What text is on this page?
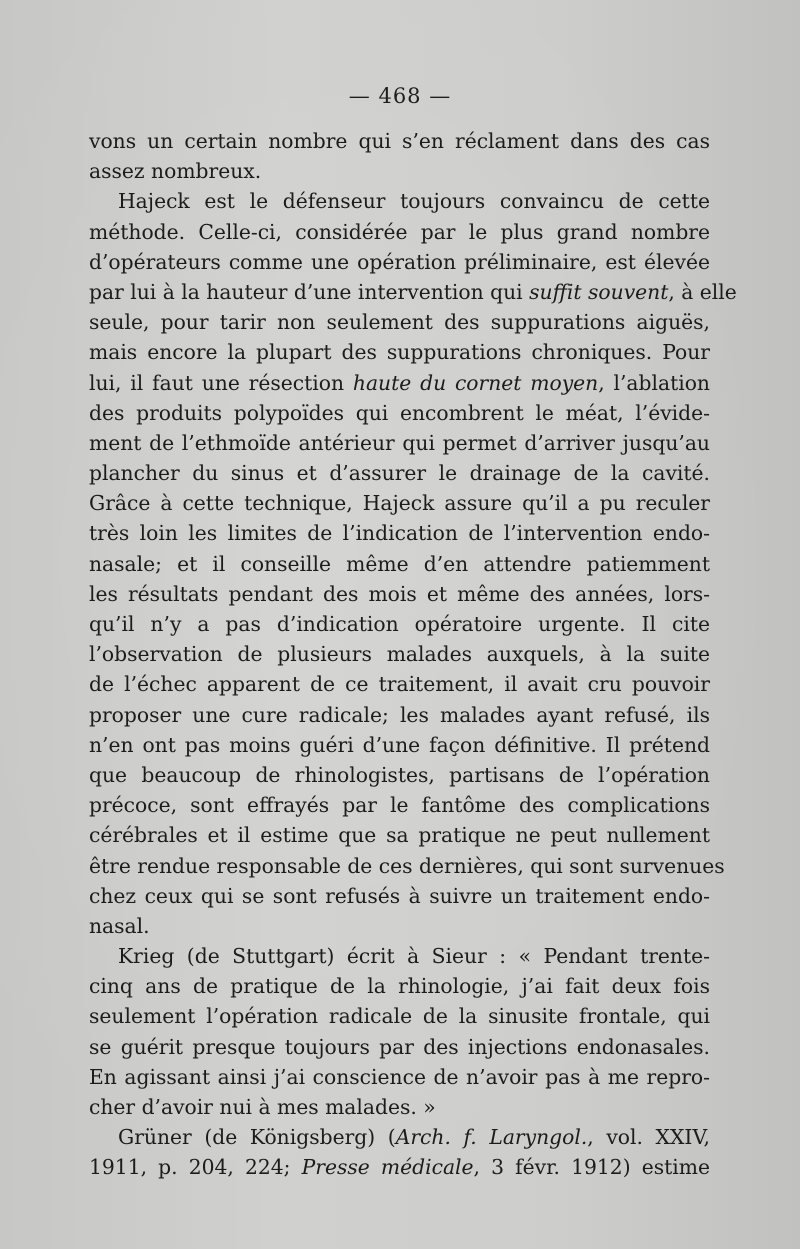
— 468 —
vons un certain nombre qui s’en réclament dans des cas
assez nombreux.
Hajeck est le défenseur toujours convaincu de cette
méthode. Celle-ci, considérée par le plus grand nombre
d’opérateurs comme une opération préliminaire, est élevée
par lui à la hauteur d’une intervention qui suffit souvent, à elle
seule, pour tarir non seulement des suppurations aiguës,
mais encore la plupart des suppurations chroniques. Pour
lui, il faut une résection haute du cornet moyen, l’ablation
des produits polypoïdes qui encombrent le méat, l’évide-
ment de l’ethmoïde antérieur qui permet d’arriver jusqu’au
plancher du sinus et d’assurer le drainage de la cavité.
Grâce à cette technique, Hajeck assure qu’il a pu reculer
très loin les limites de l’indication de l’intervention endo-
nasale; et il conseille même d’en attendre patiemment
les résultats pendant des mois et même des années, lors-
qu’il n’y a pas d’indication opératoire urgente. Il cite
l’observation de plusieurs malades auxquels, à la suite
de l’échec apparent de ce traitement, il avait cru pouvoir
proposer une cure radicale; les malades ayant refusé, ils
n’en ont pas moins guéri d’une façon définitive. Il prétend
que beaucoup de rhinologistes, partisans de l’opération
précoce, sont effrayés par le fantôme des complications
cérébrales et il estime que sa pratique ne peut nullement
être rendue responsable de ces dernières, qui sont survenues
chez ceux qui se sont refusés à suivre un traitement endo-
nasal.
Krieg (de Stuttgart) écrit à Sieur : « Pendant trente-
cinq ans de pratique de la rhinologie, j’ai fait deux fois
seulement l’opération radicale de la sinusite frontale, qui
se guérit presque toujours par des injections endonasales.
En agissant ainsi j’ai conscience de n’avoir pas à me repro-
cher d’avoir nui à mes malades. »
Grüner (de Königsberg) (Arch. f. Laryngol., vol. XXIV,
1911, p. 204, 224; Presse médicale, 3 févr. 1912) estime
